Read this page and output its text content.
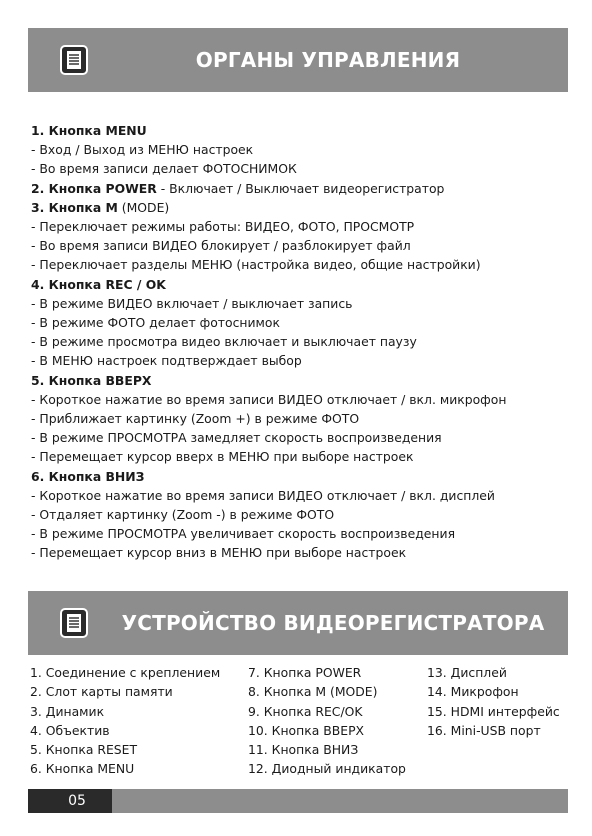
ОРГАНЫ УПРАВЛЕНИЯ
1. Кнопка MENU
- Вход / Выход из МЕНЮ настроек
- Во время записи делает ФОТОСНИМОК
2. Кнопка POWER - Включает / Выключает видеорегистратор
3. Кнопка M (MODE)
- Переключает режимы работы: ВИДЕО, ФОТО, ПРОСМОТР
- Во время записи ВИДЕО блокирует / разблокирует файл
- Переключает разделы МЕНЮ (настройка видео, общие настройки)
4. Кнопка REC / OK
- В режиме ВИДЕО включает / выключает запись
- В режиме ФОТО делает фотоснимок
- В режиме просмотра видео включает и выключает паузу
- В МЕНЮ настроек подтверждает выбор
5. Кнопка ВВЕРХ
- Короткое нажатие во время записи ВИДЕО отключает / вкл. микрофон
- Приближает картинку (Zoom +) в режиме ФОТО
- В режиме ПРОСМОТРА замедляет скорость воспроизведения
- Перемещает курсор вверх в МЕНЮ при выборе настроек
6. Кнопка ВНИЗ
- Короткое нажатие во время записи ВИДЕО отключает / вкл. дисплей
- Отдаляет картинку (Zoom -) в режиме ФОТО
- В режиме ПРОСМОТРА увеличивает скорость воспроизведения
- Перемещает курсор вниз в МЕНЮ при выборе настроек
УСТРОЙСТВО ВИДЕОРЕГИСТРАТОРА
1. Соединение с креплением
2. Слот карты памяти
3. Динамик
4. Объектив
5. Кнопка RESET
6. Кнопка MENU
7. Кнопка POWER
8. Кнопка M (MODE)
9. Кнопка REC/OK
10. Кнопка ВВЕРХ
11. Кнопка ВНИЗ
12. Диодный индикатор
13. Дисплей
14. Микрофон
15. HDMI интерфейс
16. Mini-USB порт
05
